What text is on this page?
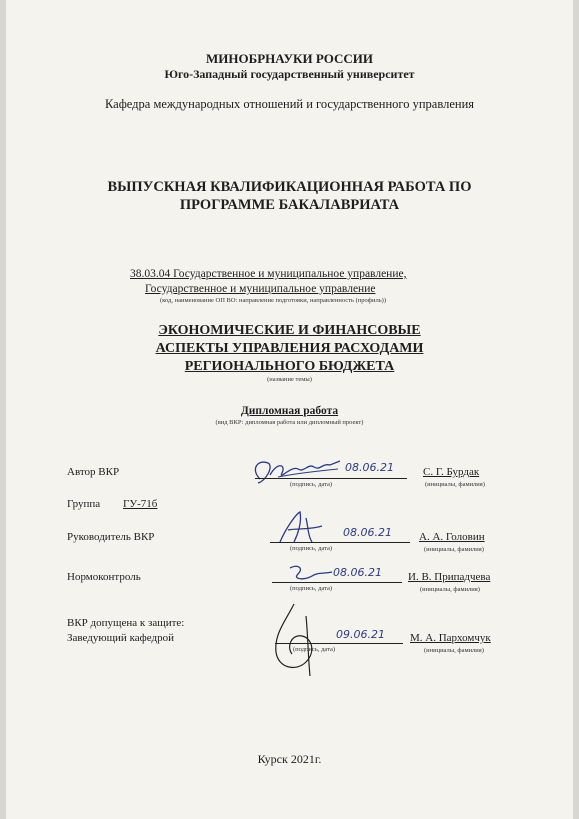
МИНОБРНАУКИ РОССИИ
Юго-Западный государственный университет
Кафедра международных отношений и государственного управления
ВЫПУСКНАЯ КВАЛИФИКАЦИОННАЯ РАБОТА ПО
ПРОГРАММЕ БАКАЛАВРИАТА
38.03.04 Государственное и муниципальное управление,
Государственное и муниципальное управление
(код, наименование ОП ВО: направление подготовки, направленность (профиль))
ЭКОНОМИЧЕСКИЕ И ФИНАНСОВЫЕ
АСПЕКТЫ УПРАВЛЕНИЯ РАСХОДАМИ
РЕГИОНАЛЬНОГО БЮДЖЕТА
(название темы)
Дипломная работа
(вид ВКР: дипломная работа или дипломный проект)
Автор ВКР	08.06.21
(подпись, дата)
С. Г. Бурдак
(инициалы, фамилия)
Группа ГУ-71б
Руководитель ВКР	08.06.21
(подпись, дата)
А. А. Головин
(инициалы, фамилия)
Нормоконтроль	08.06.21
(подпись, дата)
И. В. Припадчева
(инициалы, фамилия)
ВКР допущена к защите:
Заведующий кафедрой	09.06.21
(подпись, дата)
М. А. Пархомчук
(инициалы, фамилия)
Курск 2021г.
